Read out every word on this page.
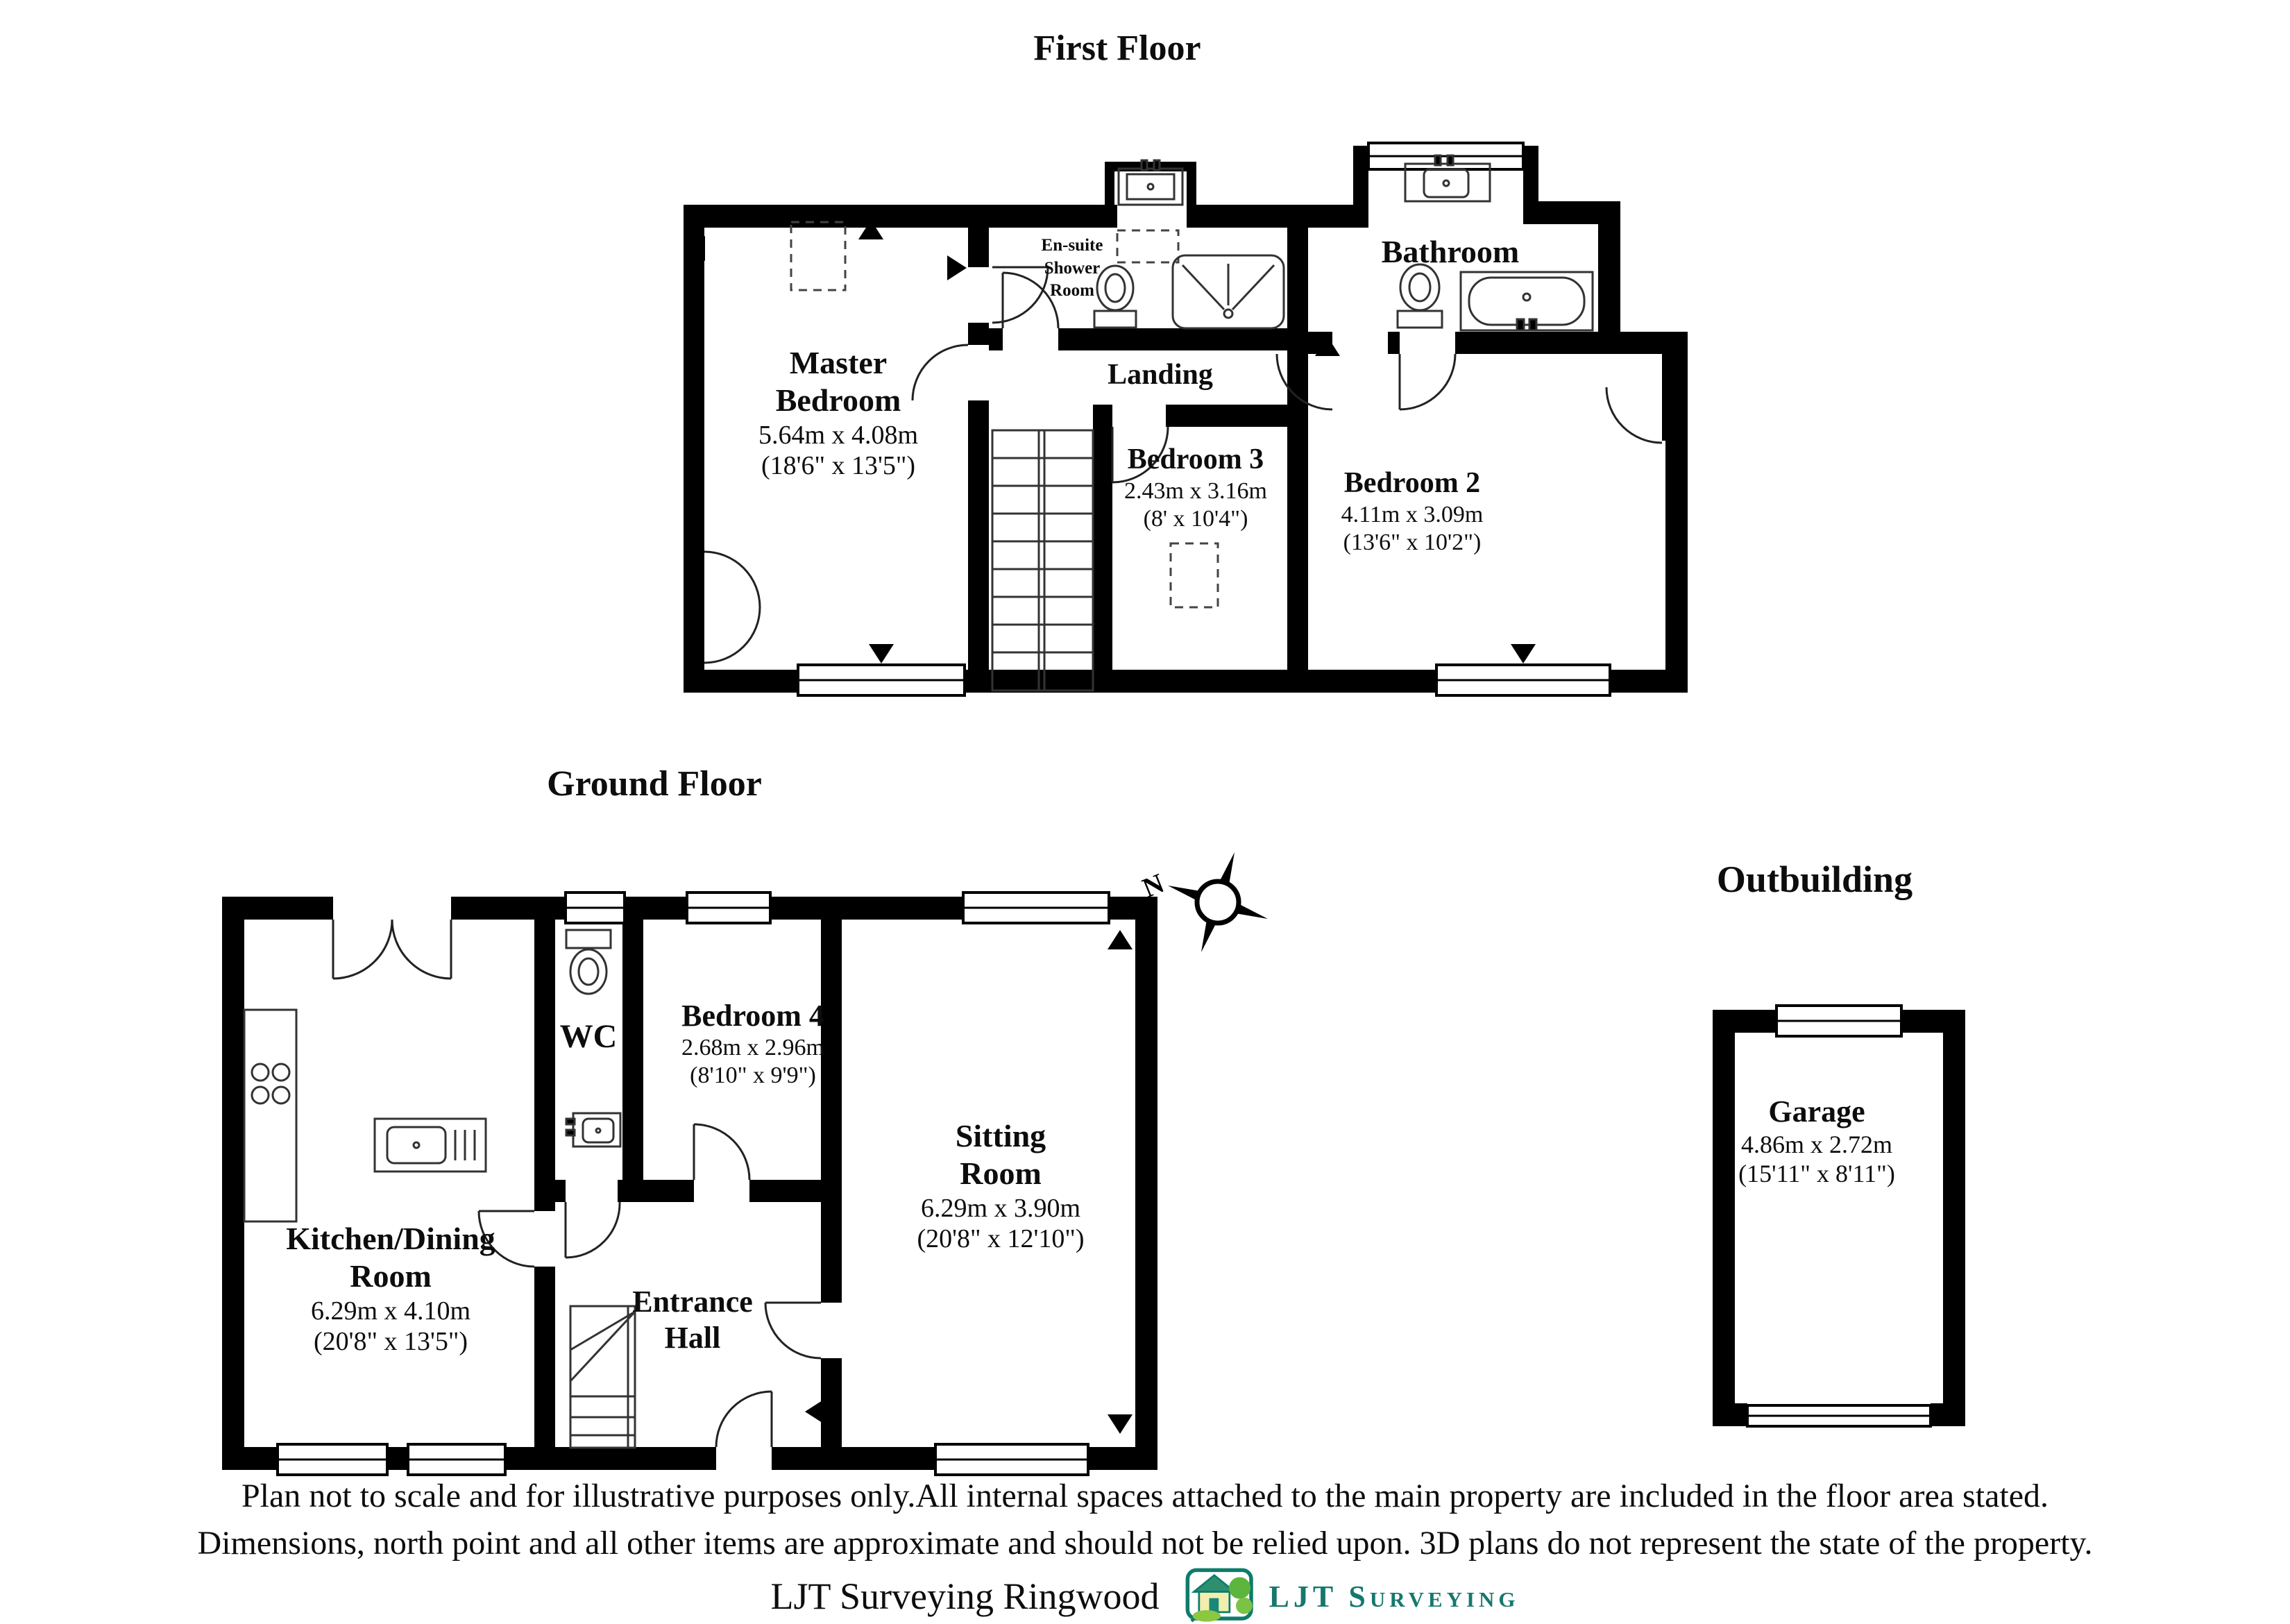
N
First Floor
Ground Floor
Outbuilding
Master
Bedroom
5.64m x 4.08m
(18'6" x 13'5")
En-suite
Shower
Room
Bathroom
Landing
Bedroom 3
2.43m x 3.16m
(8' x 10'4")
Bedroom 2
4.11m x 3.09m
(13'6" x 10'2")
Kitchen/Dining
Room
6.29m x 4.10m
(20'8" x 13'5")
WC
Bedroom 4
2.68m x 2.96m
(8'10" x 9'9")
Sitting
Room
6.29m x 3.90m
(20'8" x 12'10")
Entrance
Hall
Garage
4.86m x 2.72m
(15'11" x 8'11")
Plan not to scale and for illustrative purposes only.All internal spaces attached to the main property are included in the floor area stated.
Dimensions, north point and all other items are approximate and should not be relied upon. 3D plans do not represent the state of the property.
LJT Surveying Ringwood	LJT Surveying
